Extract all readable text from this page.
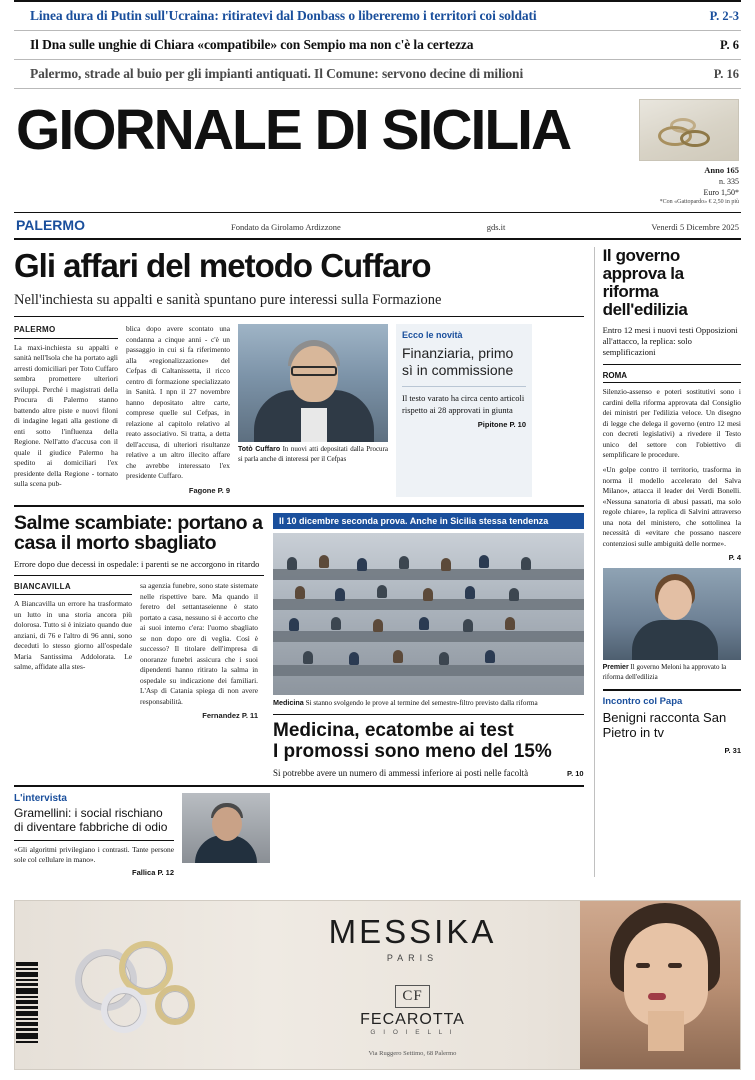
Linea dura di Putin sull'Ucraina: ritiratevi dal Donbass o libereremo i territori coi soldati	P. 2-3
Il Dna sulle unghie di Chiara «compatibile» con Sempio ma non c'è la certezza	P. 6
Palermo, strade al buio per gli impianti antiquati. Il Comune: servono decine di milioni	P. 16
GIORNALE DI SICILIA
Anno 165
n. 335
Euro 1,50*
*Con «Gattopardo» € 2,50 in più
PALERMO	Fondato da Girolamo Ardizzone	gds.it	Venerdì 5 Dicembre 2025
Gli affari del metodo Cuffaro
Nell'inchiesta su appalti e sanità spuntano pure interessi sulla Formazione
PALERMO

La maxi-inchiesta su appalti e sanità nell'Isola che ha portato agli arresti domiciliari per Toto Cuffaro sembra promettere ulteriori sviluppi. Perché i magistrati della Procura di Palermo stanno battendo altre piste e nuovi filoni di indagine legati alla gestione di enti sotto l'influenza della Regione. Nell'atto d'accusa con il quale il giudice Palermo ha spedito ai domiciliari l'ex presidente della Regione - tornato sulla scena pub-

blica dopo avere scontato una condanna a cinque anni - c'è un passaggio in cui si fa riferimento alla «regionalizzazione» del Cefpas di Caltanissetta, il ricco centro di formazione specializzato in Sanità. I npn il 27 novembre hanno depositato altre carte, comprese quelle sul Cefpas, in relazione al capitolo relativo al reato associativo. Si tratta, a detta dell'accusa, di ulteriori risultanze relative a un altro illecito affare che avrebbe interessato l'ex presidente Cuffaro.

Fagone P. 9
Totò Cuffaro In nuovi atti depositati dalla Procura si parla anche di interessi per il Cefpas
Ecco le novità
Finanziaria, primo sì in commissione
Il testo varato ha circa cento articoli rispetto ai 28 approvati in giunta
Pipitone P. 10
Salme scambiate: portano a casa il morto sbagliato
Errore dopo due decessi in ospedale: i parenti se ne accorgono in ritardo
BIANCAVILLA

A Biancavilla un errore ha trasformato un lutto in una storia ancora più dolorosa. Tutto si è iniziato quando due anziani, di 76 e l'altro di 96 anni, sono deceduti lo stesso giorno all'ospedale Maria Santissima Addolorata. Le salme, affidate alla stes-

sa agenzia funebre, sono state sistemate nelle rispettive bare. Ma quando il feretro del settantaseienne è stato portato a casa, nessuno si è accorto che ai suoi interno c'era: l'uomo sbagliato se non dopo ore di veglia. Così è successo? Il titolare dell'impresa di onoranze funebri assicura che i suoi dipendenti hanno ritirato la salma in ospedale su indicazione dei familiari. L'Asp di Catania spiega di non avere responsabilità.

Fernandez P. 11
Il 10 dicembre seconda prova. Anche in Sicilia stessa tendenza
Medicina Si stanno svolgendo le prove al termine del semestre-filtro previsto dalla riforma
Medicina, ecatombe ai test
I promossi sono meno del 15%
Si potrebbe avere un numero di ammessi inferiore ai posti nelle facoltà	P. 10
L'intervista
Gramellini: i social rischiano di diventare fabbriche di odio
«Gli algoritmi privilegiano i contrasti. Tante persone sole col cellulare in mano».
Fallica P. 12
Il governo approva la riforma dell'edilizia
Entro 12 mesi i nuovi testi Opposizioni all'attacco, la replica: solo semplificazioni
ROMA

Silenzio-assenso e poteri sostitutivi sono i cardini della riforma approvata dal Consiglio dei ministri per l'edilizia veloce. Un disegno di legge che delega il governo (entro 12 mesi con decreti legislativi) a rivedere il Testo unico del settore con l'obiettivo di semplificare le procedure.

«Un golpe contro il territorio, trasforma in norma il modello accelerato del Salva Milano», attacca il leader dei Verdi Bonelli. «Nessuna sanatoria di abusi passati, ma solo regole chiare», la replica di Salvini attraverso una nota del ministero, che sottolinea la necessità di «evitare che possano nascere contenziosi sulle ambiguità delle norme».

P. 4
Premier Il governo Meloni ha approvato la riforma dell'edilizia
Incontro col Papa
Benigni racconta San Pietro in tv
P. 31
MESSIKA
PARIS
CF
FECAROTTA
G I O I E L L I
Via Ruggero Settimo, 68 Palermo
